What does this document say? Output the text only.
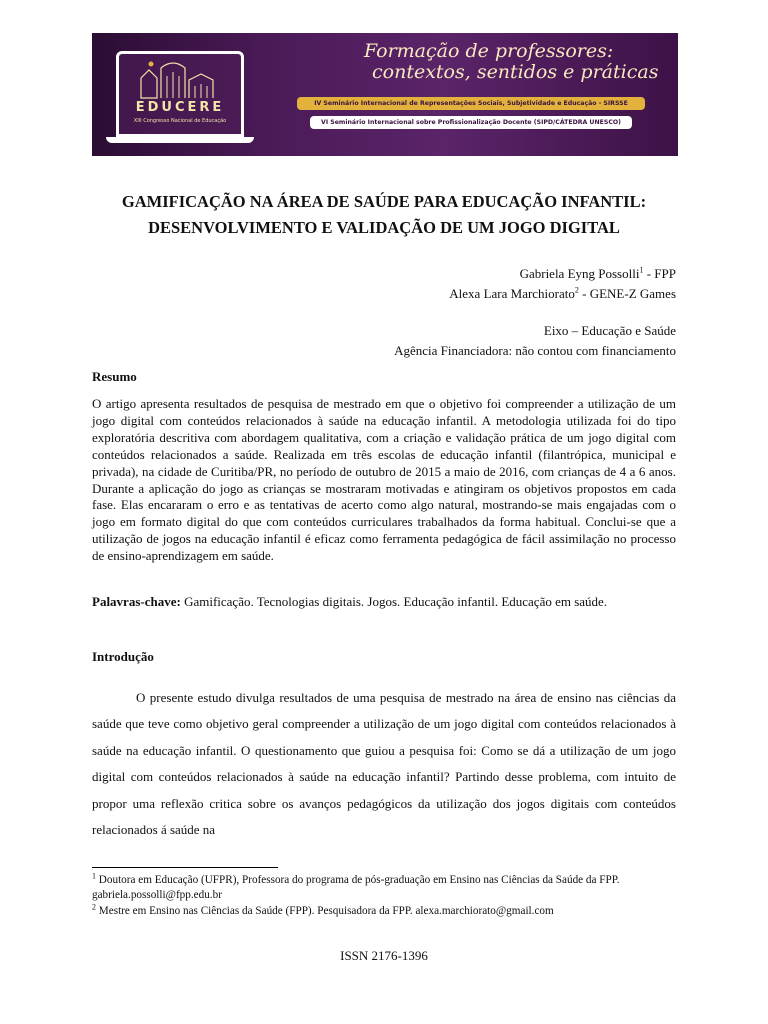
EDUCERE
XIII Congresso Nacional de Educação
Formação de professores:
contextos, sentidos e práticas
IV Seminário Internacional de Representações Sociais, Subjetividade e Educação - SIRSSE
VI Seminário Internacional sobre Profissionalização Docente (SIPD/CÁTEDRA UNESCO)
GAMIFICAÇÃO NA ÁREA DE SAÚDE PARA EDUCAÇÃO INFANTIL:
DESENVOLVIMENTO E VALIDAÇÃO DE UM JOGO DIGITAL
Gabriela Eyng Possolli$^1$ - FPP
Alexa Lara Marchiorato$^2$ - GENE-Z Games
Eixo – Educação e Saúde
Agência Financiadora: não contou com financiamento
Resumo
O artigo apresenta resultados de pesquisa de mestrado em que o objetivo foi compreender a utilização de um jogo digital com conteúdos relacionados à saúde na educação infantil. A metodologia utilizada foi do tipo exploratória descritiva com abordagem qualitativa, com a criação e validação prática de um jogo digital com conteúdos relacionados a saúde. Realizada em três escolas de educação infantil (filantrópica, municipal e privada), na cidade de Curitiba/PR, no período de outubro de 2015 a maio de 2016, com crianças de 4 a 6 anos. Durante a aplicação do jogo as crianças se mostraram motivadas e atingiram os objetivos propostos em cada fase. Elas encararam o erro e as tentativas de acerto como algo natural, mostrando-se mais engajadas com o jogo em formato digital do que com conteúdos curriculares trabalhados da forma habitual. Conclui-se que a utilização de jogos na educação infantil é eficaz como ferramenta pedagógica de fácil assimilação no processo de ensino-aprendizagem em saúde.
Palavras-chave: Gamificação. Tecnologias digitais. Jogos. Educação infantil. Educação em saúde.
Introdução
O presente estudo divulga resultados de uma pesquisa de mestrado na área de ensino nas ciências da saúde que teve como objetivo geral compreender a utilização de um jogo digital com conteúdos relacionados à saúde na educação infantil. O questionamento que guiou a pesquisa foi: Como se dá a utilização de um jogo digital com conteúdos relacionados à saúde na educação infantil? Partindo desse problema, com intuito de propor uma reflexão critica sobre os avanços pedagógicos da utilização dos jogos digitais com conteúdos relacionados á saúde na

$^1$ Doutora em Educação (UFPR), Professora do programa de pós-graduação em Ensino nas Ciências da Saúde da FPP. gabriela.possolli@fpp.edu.br

$^2$ Mestre em Ensino nas Ciências da Saúde (FPP). Pesquisadora da FPP. alexa.marchiorato@gmail.com

ISSN 2176-1396
